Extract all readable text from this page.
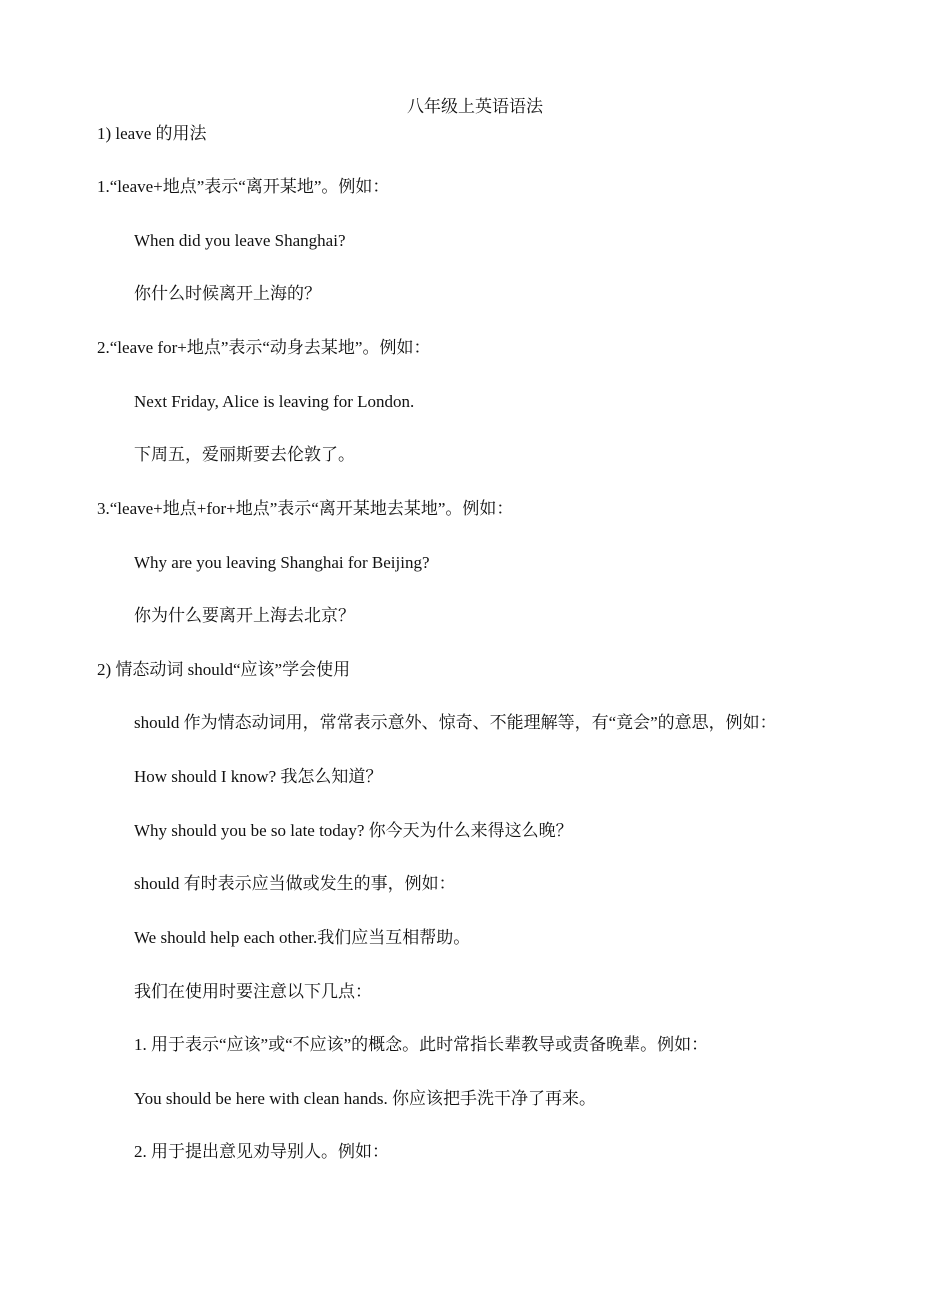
八年级上英语语法
1) leave 的用法
1.“leave+地点”表示“离开某地”。例如：
When did you leave Shanghai?
你什么时候离开上海的？
2.“leave for+地点”表示“动身去某地”。例如：
Next Friday, Alice is leaving for London.
下周五，爱丽斯要去伦敦了。
3.“leave+地点+for+地点”表示“离开某地去某地”。例如：
Why are you leaving Shanghai for Beijing?
你为什么要离开上海去北京？
2) 情态动词 should“应该”学会使用
should 作为情态动词用，常常表示意外、惊奇、不能理解等，有“竟会”的意思，例如：
How should I know? 我怎么知道？
Why should you be so late today? 你今天为什么来得这么晚？
should 有时表示应当做或发生的事，例如：
We should help each other.我们应当互相帮助。
我们在使用时要注意以下几点：
1. 用于表示“应该”或“不应该”的概念。此时常指长辈教导或责备晚辈。例如：
You should be here with clean hands. 你应该把手洗干净了再来。
2. 用于提出意见劝导别人。例如：
